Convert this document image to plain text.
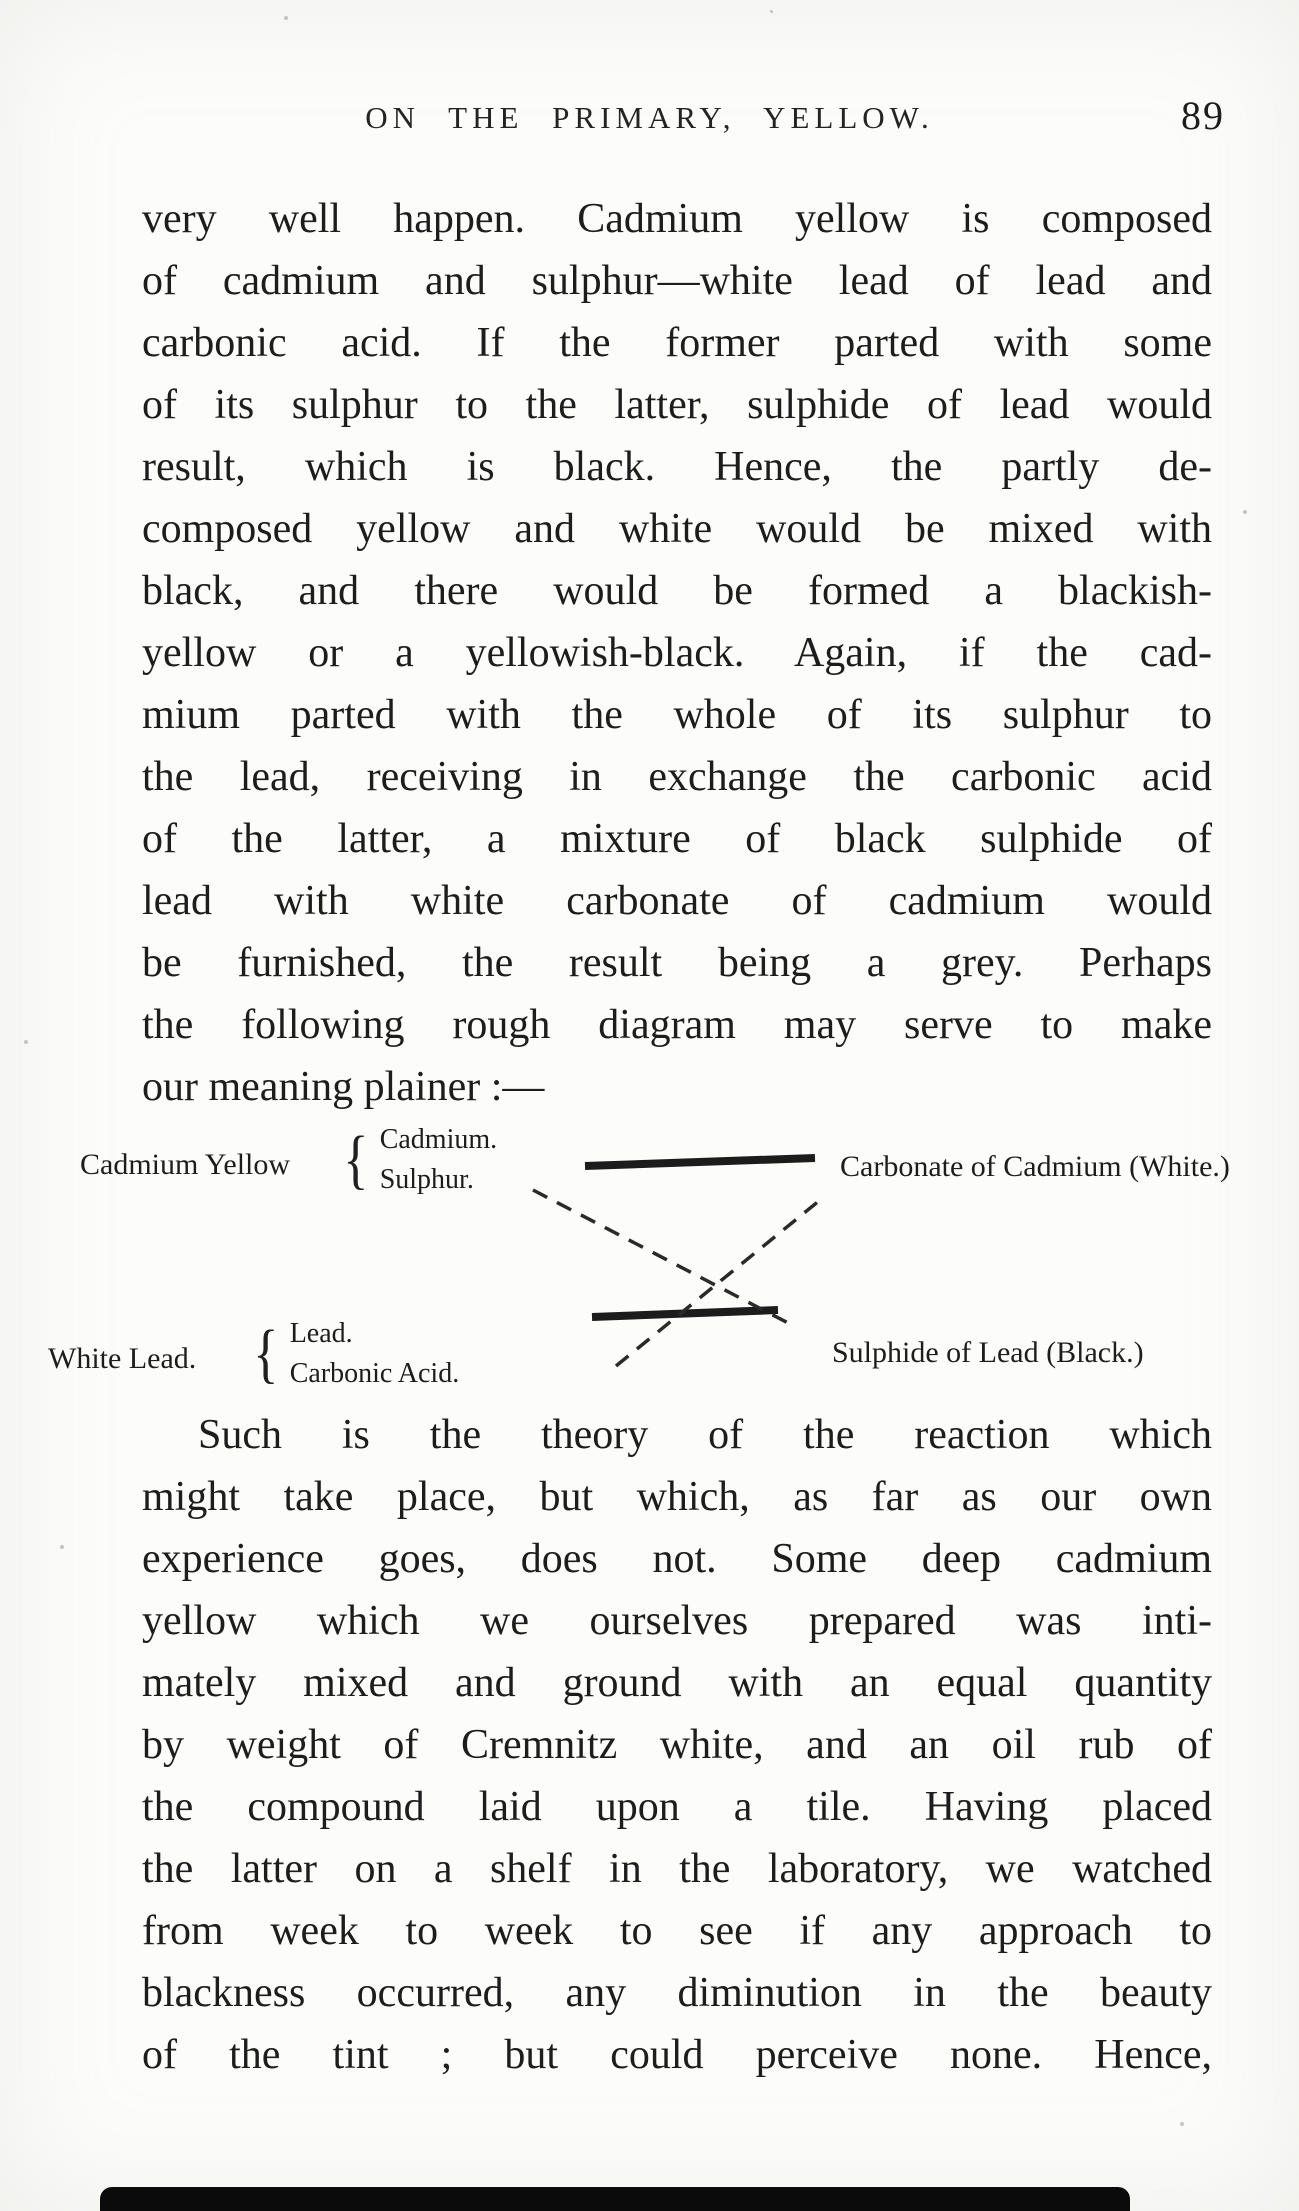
ON THE PRIMARY, YELLOW.	89
very well happen. Cadmium yellow is composed
of cadmium and sulphur—white lead of lead and
carbonic acid. If the former parted with some
of its sulphur to the latter, sulphide of lead would
result, which is black. Hence, the partly de-
composed yellow and white would be mixed with
black, and there would be formed a blackish-
yellow or a yellowish-black. Again, if the cad-
mium parted with the whole of its sulphur to
the lead, receiving in exchange the carbonic acid
of the latter, a mixture of black sulphide of
lead with white carbonate of cadmium would
be furnished, the result being a grey. Perhaps
the following rough diagram may serve to make
our meaning plainer :—
Cadmium Yellow { Cadmium.
Sulphur.	Carbonate of Cadmium (White.)
White Lead. { Lead.
Carbonic Acid.
Sulphide of Lead (Black.)
Such is the theory of the reaction which
might take place, but which, as far as our own
experience goes, does not. Some deep cadmium
yellow which we ourselves prepared was inti-
mately mixed and ground with an equal quantity
by weight of Cremnitz white, and an oil rub of
the compound laid upon a tile. Having placed
the latter on a shelf in the laboratory, we watched
from week to week to see if any approach to
blackness occurred, any diminution in the beauty
of the tint ; but could perceive none. Hence,
